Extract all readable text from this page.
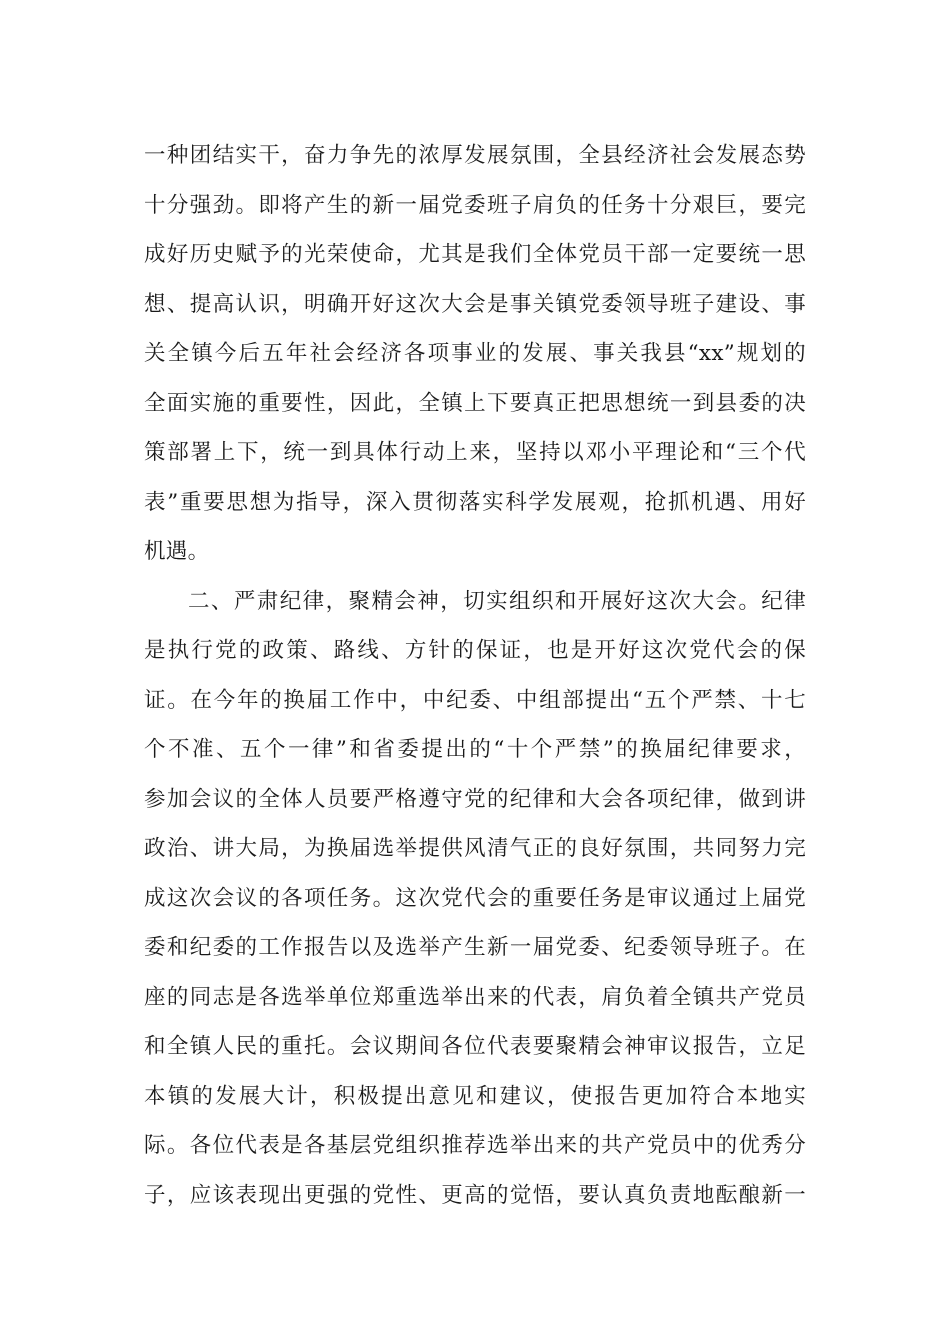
一种团结实干，奋力争先的浓厚发展氛围，全县经济社会发展态势
十分强劲。即将产生的新一届党委班子肩负的任务十分艰巨，要完
成好历史赋予的光荣使命，尤其是我们全体党员干部一定要统一思
想、提高认识，明确开好这次大会是事关镇党委领导班子建设、事
关全镇今后五年社会经济各项事业的发展、事关我县“xx”规划的
全面实施的重要性，因此，全镇上下要真正把思想统一到县委的决
策部署上下，统一到具体行动上来，坚持以邓小平理论和“三个代
表”重要思想为指导，深入贯彻落实科学发展观，抢抓机遇、用好
机遇。
二、严肃纪律，聚精会神，切实组织和开展好这次大会。纪律
是执行党的政策、路线、方针的保证，也是开好这次党代会的保
证。在今年的换届工作中，中纪委、中组部提出“五个严禁、十七
个不准、五个一律”和省委提出的“十个严禁”的换届纪律要求，
参加会议的全体人员要严格遵守党的纪律和大会各项纪律，做到讲
政治、讲大局，为换届选举提供风清气正的良好氛围，共同努力完
成这次会议的各项任务。这次党代会的重要任务是审议通过上届党
委和纪委的工作报告以及选举产生新一届党委、纪委领导班子。在
座的同志是各选举单位郑重选举出来的代表，肩负着全镇共产党员
和全镇人民的重托。会议期间各位代表要聚精会神审议报告，立足
本镇的发展大计，积极提出意见和建议，使报告更加符合本地实
际。各位代表是各基层党组织推荐选举出来的共产党员中的优秀分
子，应该表现出更强的党性、更高的觉悟，要认真负责地酝酿新一
